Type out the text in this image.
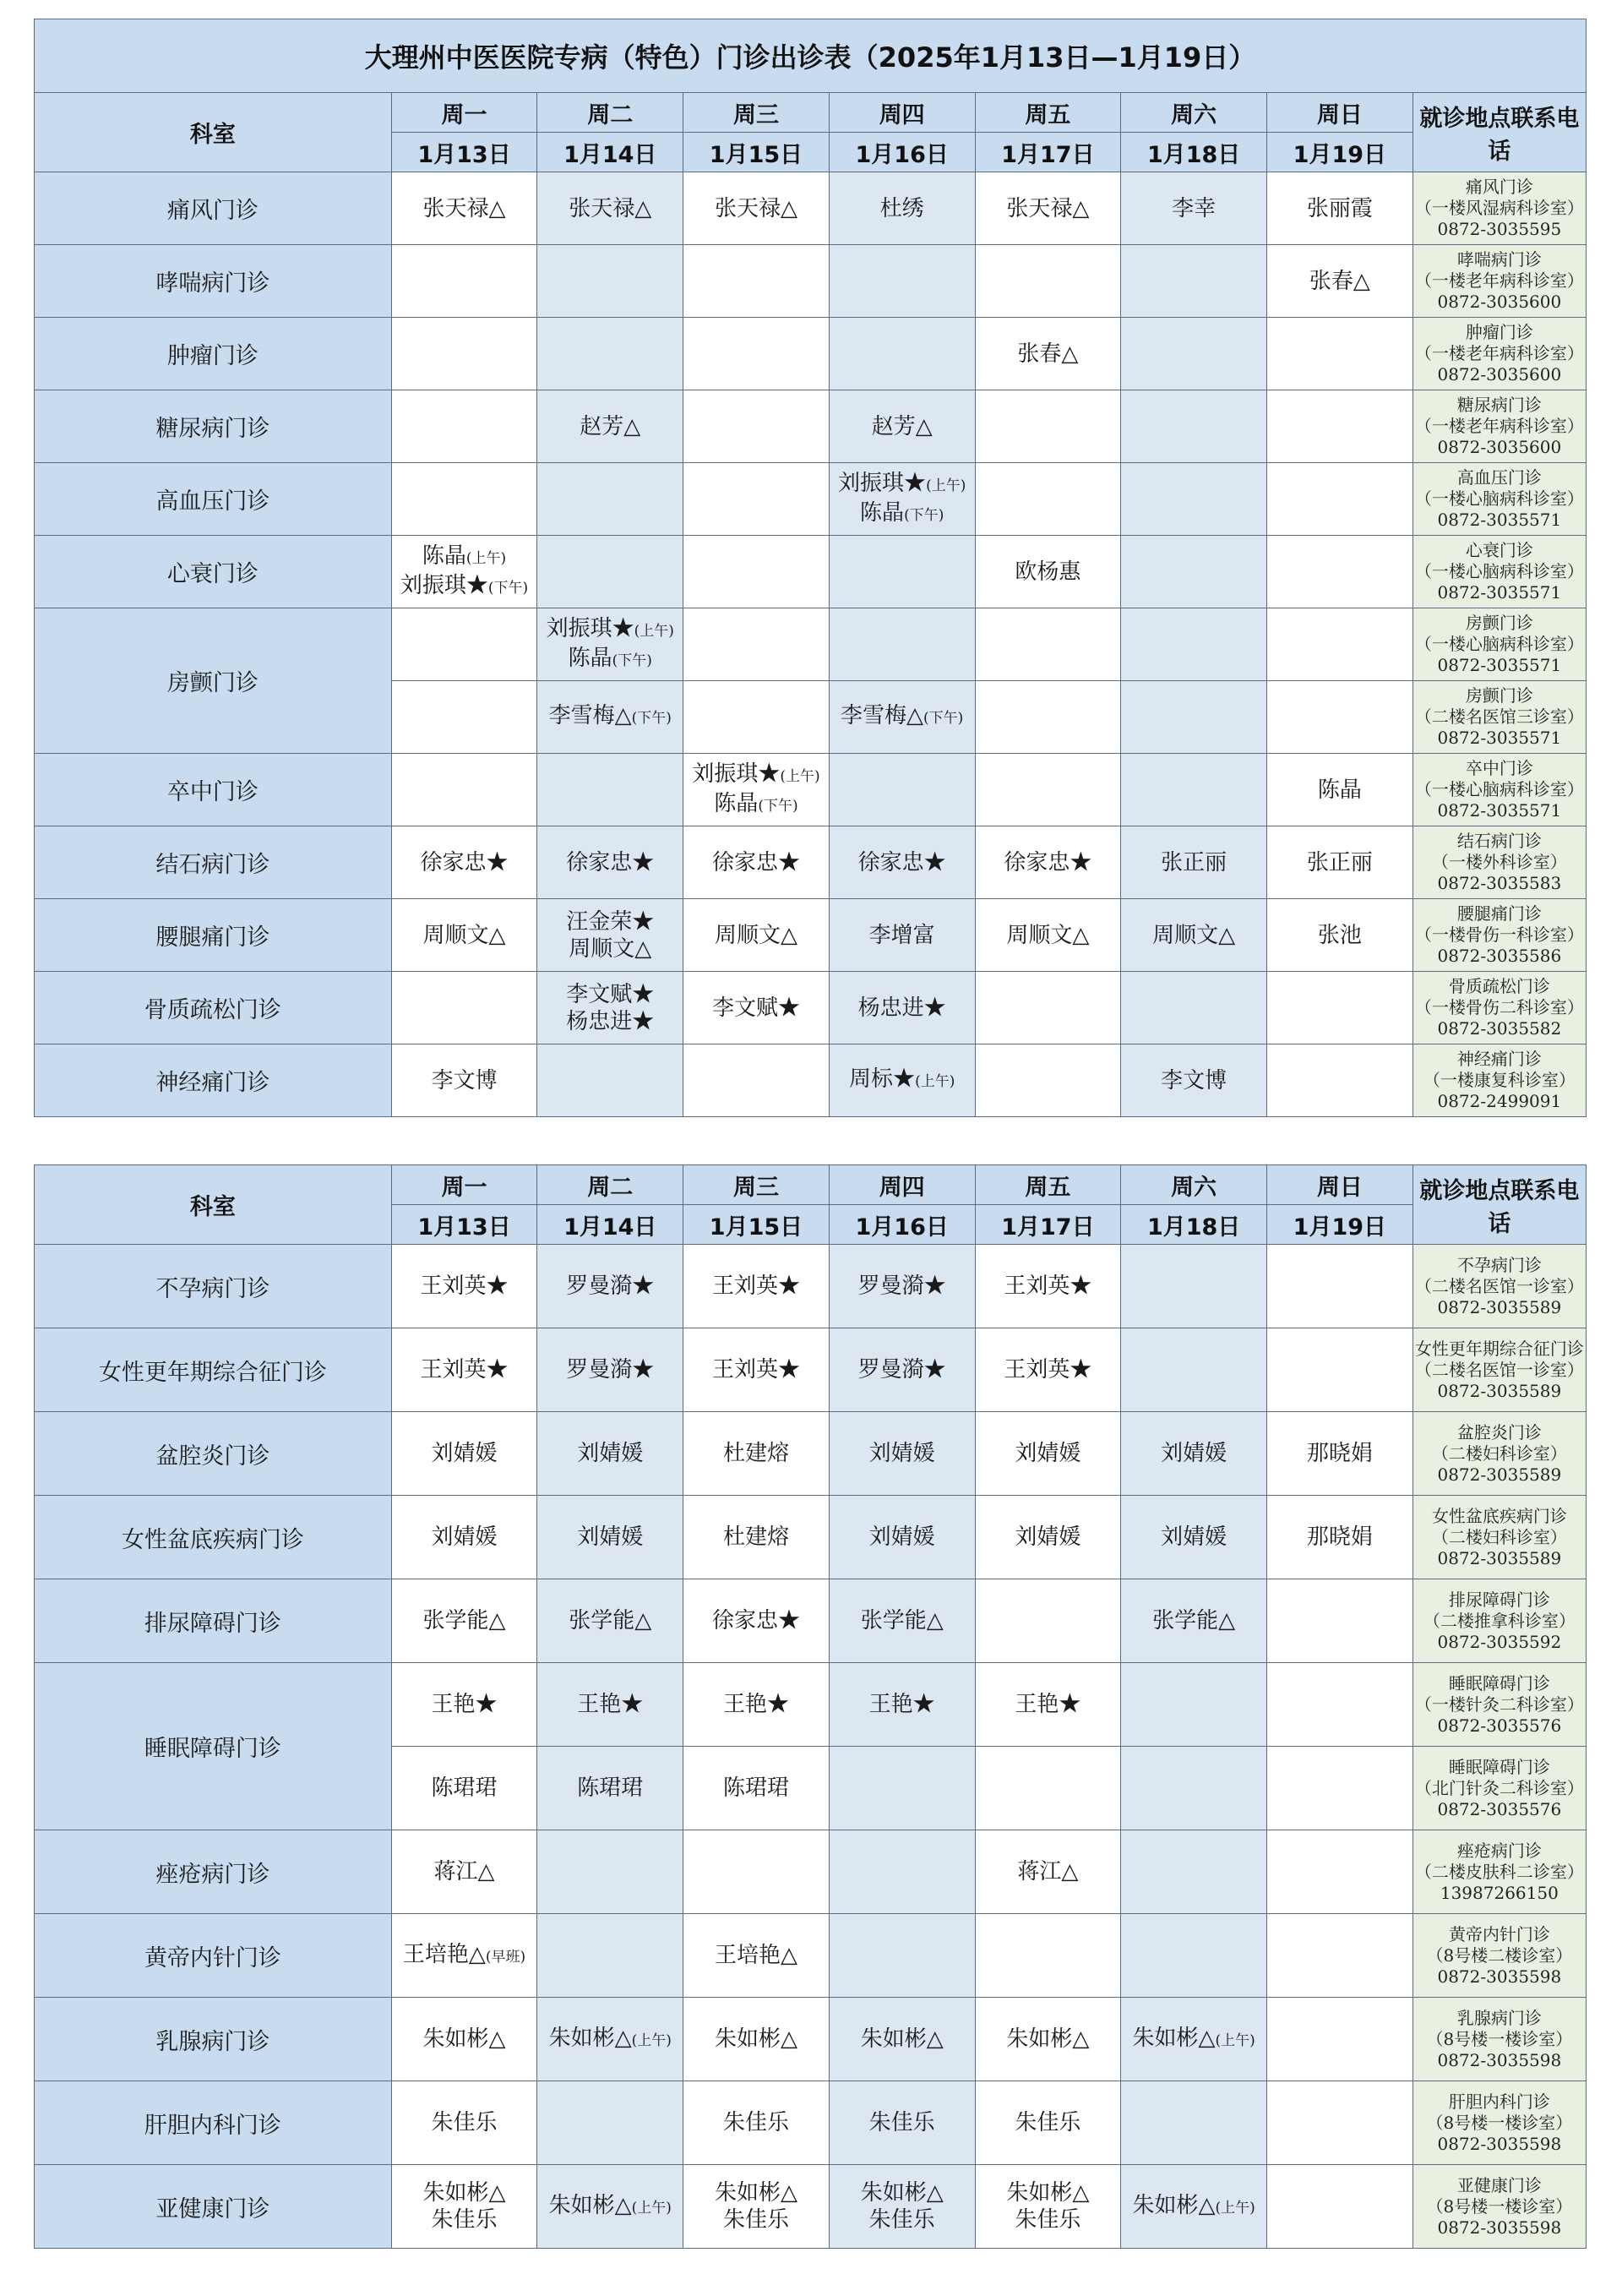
大理州中医医院专病（特色）门诊出诊表（2025年1月13日—1月19日）								
科室	周一	周二	周三	周四	周五	周六	周日	就诊地点联系电话
	1月13日	1月14日	1月15日	1月16日	1月17日	1月18日	1月19日	
痛风门诊	张天禄△	张天禄△	张天禄△	杜绣	张天禄△	李幸	张丽霞	痛风门诊
（一楼风湿病科诊室）
0872-3035595

哮喘病门诊							张春△	哮喘病门诊
（一楼老年病科诊室）
0872-3035600

肿瘤门诊					张春△			肿瘤门诊
（一楼老年病科诊室）
0872-3035600

糖尿病门诊		赵芳△		赵芳△				糖尿病门诊
（一楼老年病科诊室）
0872-3035600

高血压门诊				刘振琪★(上午)
陈晶(下午)				高血压门诊
（一楼心脑病科诊室）
0872-3035571

心衰门诊	陈晶(上午)
刘振琪★(下午)				欧杨惠			心衰门诊
（一楼心脑病科诊室）
0872-3035571

房颤门诊		刘振琪★(上午)
陈晶(下午)						房颤门诊
（一楼心脑病科诊室）
0872-3035571

		李雪梅△(下午)		李雪梅△(下午)				房颤门诊
（二楼名医馆三诊室）
0872-3035571

卒中门诊			刘振琪★(上午)
陈晶(下午)				陈晶	卒中门诊
（一楼心脑病科诊室）
0872-3035571

结石病门诊	徐家忠★	徐家忠★	徐家忠★	徐家忠★	徐家忠★	张正丽	张正丽	结石病门诊
（一楼外科诊室）
0872-3035583

腰腿痛门诊	周顺文△	汪金荣★
周顺文△	周顺文△	李增富	周顺文△	周顺文△	张池	腰腿痛门诊
（一楼骨伤一科诊室）
0872-3035586

骨质疏松门诊		李文赋★
杨忠进★	李文赋★	杨忠进★				骨质疏松门诊
（一楼骨伤二科诊室）
0872-3035582

神经痛门诊	李文博			周标★(上午)		李文博		神经痛门诊
（一楼康复科诊室）
0872-2499091
科室	周一	周二	周三	周四	周五	周六	周日	就诊地点联系电话
	1月13日	1月14日	1月15日	1月16日	1月17日	1月18日	1月19日	
不孕病门诊	王刘英★	罗曼漪★	王刘英★	罗曼漪★	王刘英★			不孕病门诊
（二楼名医馆一诊室）
0872-3035589

女性更年期综合征门诊	王刘英★	罗曼漪★	王刘英★	罗曼漪★	王刘英★			女性更年期综合征门诊
（二楼名医馆一诊室）
0872-3035589

盆腔炎门诊	刘婧媛	刘婧媛	杜建熔	刘婧媛	刘婧媛	刘婧媛	那晓娟	盆腔炎门诊
（二楼妇科诊室）
0872-3035589

女性盆底疾病门诊	刘婧媛	刘婧媛	杜建熔	刘婧媛	刘婧媛	刘婧媛	那晓娟	女性盆底疾病门诊
（二楼妇科诊室）
0872-3035589

排尿障碍门诊	张学能△	张学能△	徐家忠★	张学能△		张学能△		排尿障碍门诊
（二楼推拿科诊室）
0872-3035592

睡眠障碍门诊	王艳★	王艳★	王艳★	王艳★	王艳★			睡眠障碍门诊
（一楼针灸二科诊室）
0872-3035576

	陈珺珺	陈珺珺	陈珺珺					睡眠障碍门诊
（北门针灸二科诊室）
0872-3035576

痤疮病门诊	蒋江△				蒋江△			痤疮病门诊
（二楼皮肤科二诊室）
13987266150

黄帝内针门诊	王培艳△(早班)		王培艳△					黄帝内针门诊
（8号楼二楼诊室）
0872-3035598

乳腺病门诊	朱如彬△	朱如彬△(上午)	朱如彬△	朱如彬△	朱如彬△	朱如彬△(上午)		乳腺病门诊
（8号楼一楼诊室）
0872-3035598

肝胆内科门诊	朱佳乐		朱佳乐	朱佳乐	朱佳乐			肝胆内科门诊
（8号楼一楼诊室）
0872-3035598

亚健康门诊	朱如彬△
朱佳乐	朱如彬△(上午)	朱如彬△
朱佳乐	朱如彬△
朱佳乐	朱如彬△
朱佳乐	朱如彬△(上午)		亚健康门诊
（8号楼一楼诊室）
0872-3035598
